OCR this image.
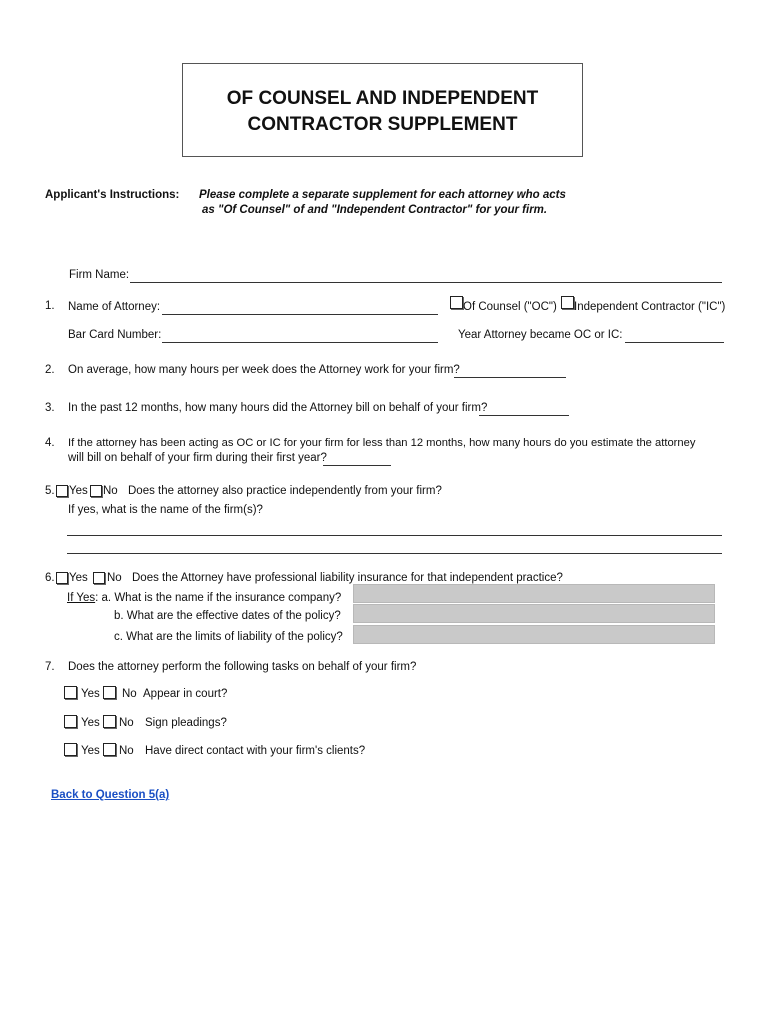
OF COUNSEL AND INDEPENDENT
CONTRACTOR SUPPLEMENT
Applicant's Instructions: Please complete a separate supplement for each attorney who acts
as "Of Counsel" of and "Independent Contractor" for your firm.
Firm Name:
1. Name of Attorney:	Of Counsel ("OC") Independent Contractor ("IC")
Bar Card Number:	Year Attorney became OC or IC:
2. On average, how many hours per week does the Attorney work for your firm?
3. In the past 12 months, how many hours did the Attorney bill on behalf of your firm?
4. If the attorney has been acting as OC or IC for your firm for less than 12 months, how many hours do you estimate the attorney
will bill on behalf of your firm during their first year?
5. Yes No Does the attorney also practice independently from your firm?
If yes, what is the name of the firm(s)?
6. Yes No Does the Attorney have professional liability insurance for that independent practice?
If Yes: a. What is the name if the insurance company?
b. What are the effective dates of the policy?
c. What are the limits of liability of the policy?
7. Does the attorney perform the following tasks on behalf of your firm?
Yes No Appear in court?
Yes No Sign pleadings?
Yes No Have direct contact with your firm's clients?
Back to Question 5(a)
